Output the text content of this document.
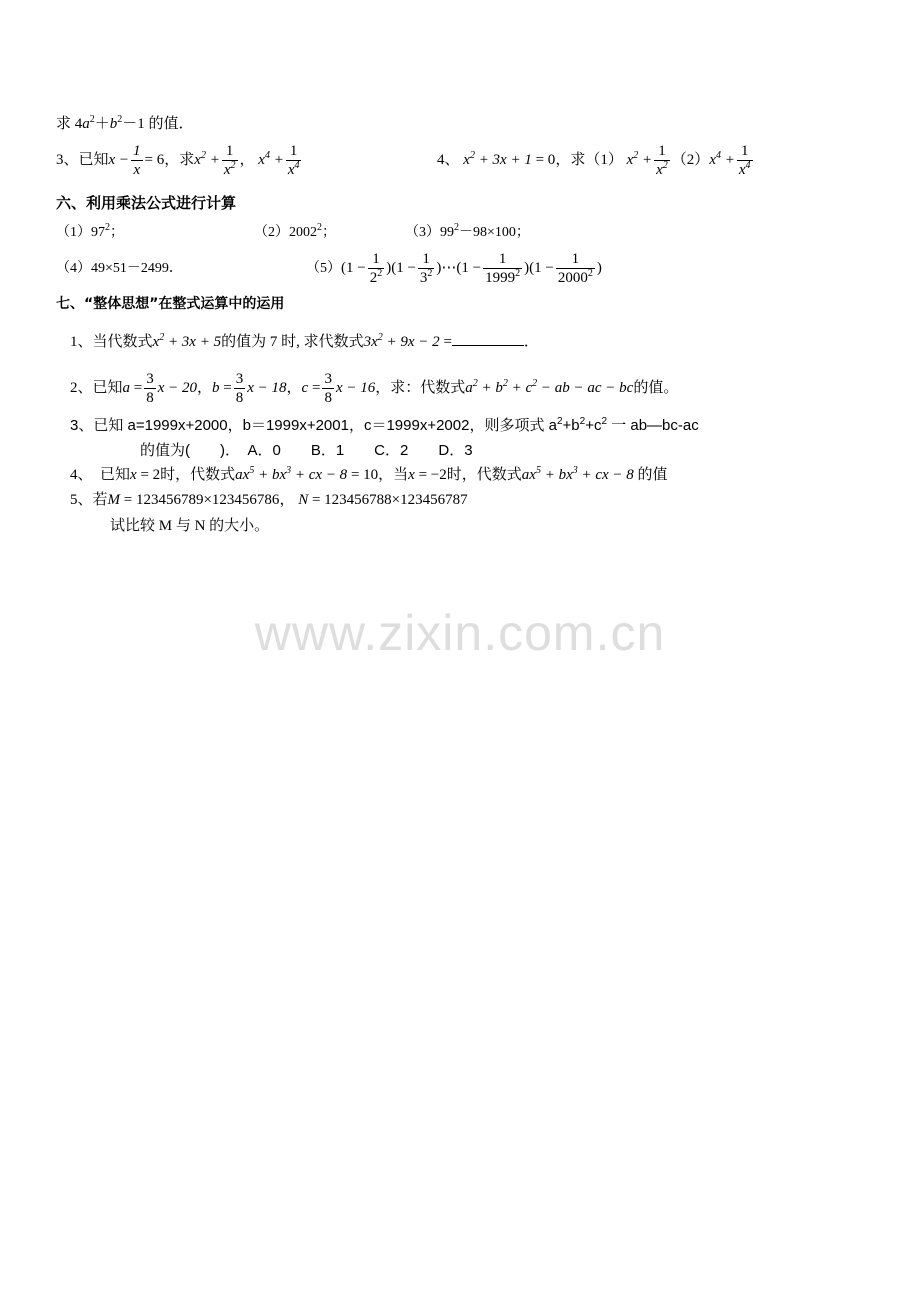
求 $4a^2+b^2-1$ 的值．
3、已知$x - \frac{1}{x} = 6$，求$x^2 + \frac{1}{x^2}$ ， $x^4 + \frac{1}{x^4}$	4、 $x^2 + 3x + 1 = 0$，求（1） $x^2 + \frac{1}{x^2} (2)x^4 + \frac{1}{x^4}$
六、利用乘法公式进行计算
$(1)97^2$；	（2）2002$^2$；	$(3)99^2-98\times 100$；
（4）49×51－2499．	$(5)(1 - \frac{1}{2^2} )(1 - \frac{1}{3^2}$ )⋯(1 − $\frac{1}{1999^2} )(1 - \frac{1}{2000^2}$ )
七、“整体思想”在整式运算中的运用
1、当代数式$x^2 + 3x + 5$的值为 7 时, 求代数式$3x^2 + 9x - 2$ =	．
2、已知$a = \frac{3}{8}$ x − 20，$b = \frac{3}{8}$ x − 18，$c = \frac{3}{8}$ x − 16，求：代数式$a^2 + b^2 + c^2$ − ab − ac − bc的值。
3、已知 a=1999x+2000，b＝1999x+2001，c＝1999x+2002，则多项式 $a^2+b^2+c^2$ 一 ab—bc-ac
的值为(　　)．　A．0　　B．1　　C．2　　D．3
4、　已知x = 2时，代数式$ax^5 + bx^3$ + cx − 8 = 10，当x = −2时，代数式$ax^5 + bx^3$ + cx − 8 的值
5、若M = 123456789×123456786， N = 123456788×123456787
试比较 M 与 N 的大小。
www.zixin.com.cn
